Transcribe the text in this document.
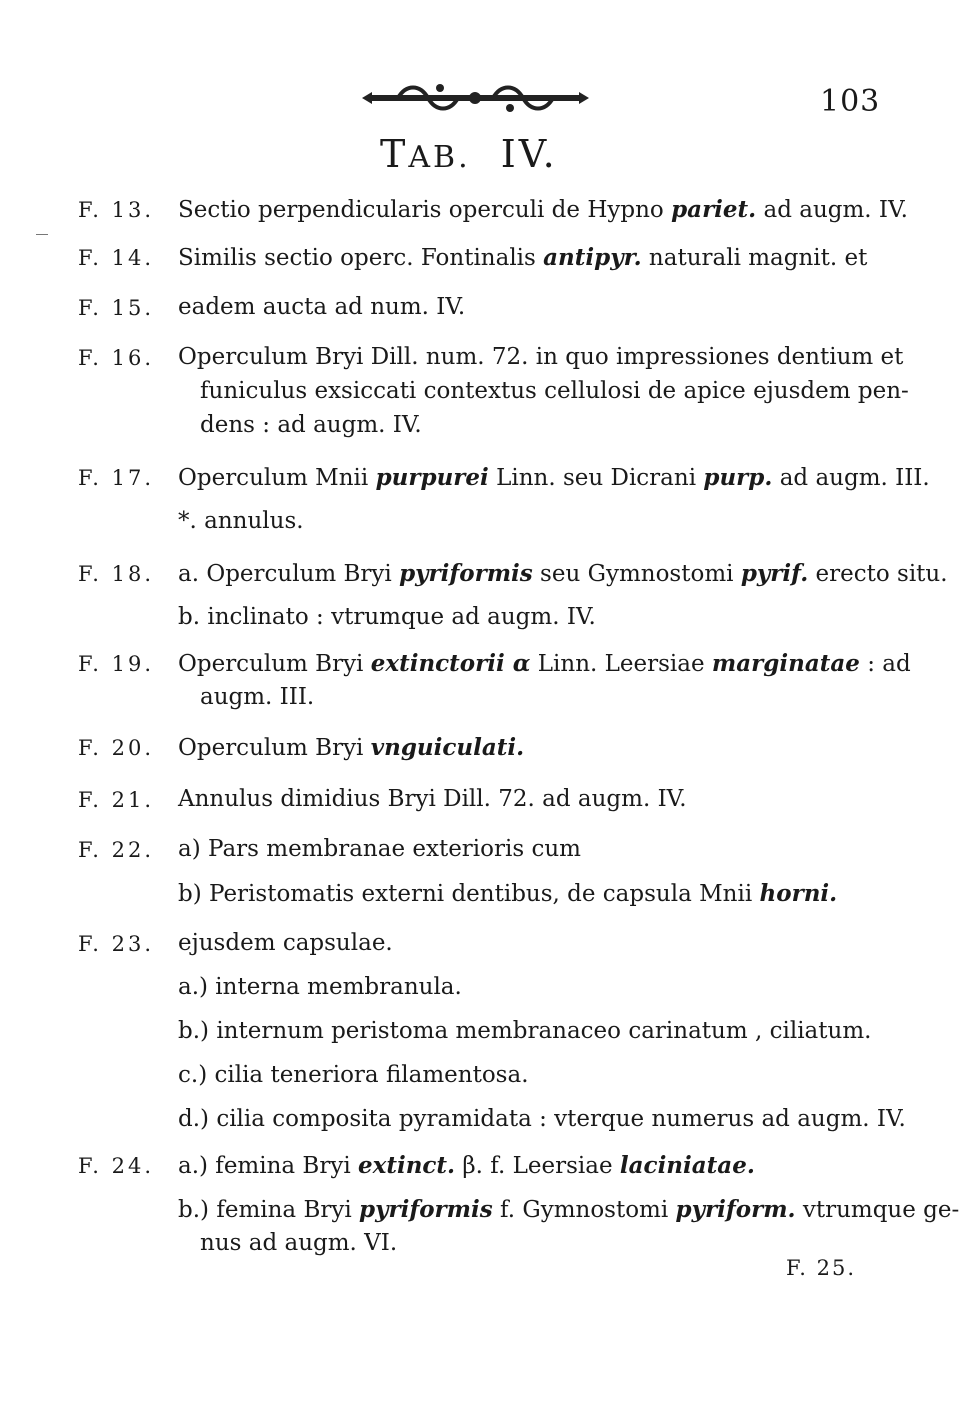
103
TAB. IV.
F. 13. Sectio perpendicularis operculi de Hypno pariet. ad augm. IV.
F. 14. Similis sectio operc. Fontinalis antipyr. naturali magnit. et
F. 15. eadem aucta ad num. IV.
F. 16. Operculum Bryi Dill. num. 72. in quo impressiones dentium et
funiculus exsiccati contextus cellulosi de apice ejusdem pen-
dens : ad augm. IV.
F. 17. Operculum Mnii purpurei Linn. seu Dicrani purp. ad augm. III.
*. annulus.
F. 18. a. Operculum Bryi pyriformis seu Gymnostomi pyrif. erecto situ.
b. inclinato : vtrumque ad augm. IV.
F. 19. Operculum Bryi extinctorii α Linn. Leersiae marginatae : ad
augm. III.
F. 20. Operculum Bryi vnguiculati.
F. 21. Annulus dimidius Bryi Dill. 72. ad augm. IV.
F. 22. a) Pars membranae exterioris cum
b) Peristomatis externi dentibus, de capsula Mnii horni.
F. 23. ejusdem capsulae.
a.) interna membranula.
b.) internum peristoma membranaceo carinatum , ciliatum.
c.) cilia teneriora filamentosa.
d.) cilia composita pyramidata : vterque numerus ad augm. IV.
F. 24. a.) femina Bryi extinct. β. f. Leersiae laciniatae.
b.) femina Bryi pyriformis f. Gymnostomi pyriform. vtrumque ge-
nus ad augm. VI.
F. 25.
